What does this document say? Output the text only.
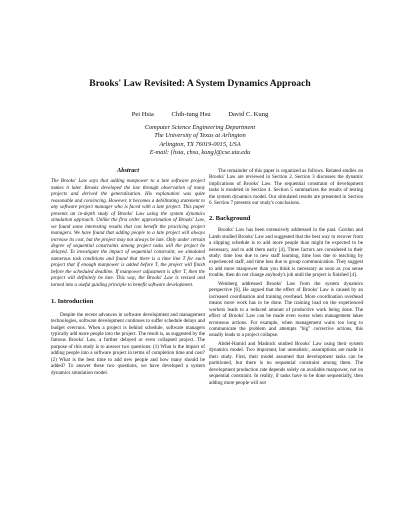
Brooks' Law Revisited: A System Dynamics Approach
Pei Hsia	Chih-tung Hsu	David C. Kung
Computer Science Engineering Department
The University of Texas at Arlington
Arlington, TX 76019-0015, USA
E-mail: {hsia, chsu, kung}@cse.uta.edu
Abstract

The Brooks' Law says that adding manpower to a late software project makes it later. Brooks developed the law through observation of many projects and derived the generalization. His explanation was quite reasonable and convincing. However, it becomes a debilitating statement to any software project manager who is faced with a late project. This paper presents an in-depth study of Brooks' Law using the system dynamics simulation approach. Unlike the first order approximation of Brooks' Law, we found some interesting results that can benefit the practicing project managers. We have found that adding people to a late project will always increase its cost, but the project may not always be late. Only under certain degree of sequential constraints among project tasks will the project be delayed. To investigate the impact of sequential constraint, we simulated numerous task conditions and found that there is a time line T for each project that if enough manpower is added before T, the project will finish before the scheduled deadline. If manpower adjustment is after T, then the project will definitely be late. This way, the Brooks' Law is revised and turned into a useful guiding principle to benefit software development.

1. Introduction

Despite the recent advances in software development and management technologies, software development continues to suffer schedule delays and budget overruns. When a project is behind schedule, software managers typically add more people into the project. The result is, as suggested by the famous Brooks' Law, a further delayed or even collapsed project. The purpose of this study is to answer two questions: (1) What is the impact of adding people into a software project in terms of completion time and cost? (2) What is the best time to add new people and how many should be added? To answer these two questions, we have developed a system dynamics simulation model.

The remainder of this paper is organized as follows. Related studies on Brooks' Law are reviewed in Section 2. Section 3 discusses the dynamic implications of Brooks' Law. The sequential constraint of development tasks is modeled in Section 4. Section 5 summarizes the results of testing the system dynamics model. Our simulated results are presented in Section 6. Section 7 presents our study's conclusions.

2. Background

Brooks' Law has been extensively addressed in the past. Gordon and Lamb studied Brooks' Law and suggested that the best way to recover from a slipping schedule is to add more people than might be expected to be necessary, and to add them early [4]. Three factors are considered in their study: time loss due to new staff learning, time loss due to teaching by experienced staff, and time loss due to group communication. They suggest to add more manpower than you think is necessary as soon as you sense trouble, then do not change anybody's job until the project is finished [4].

Weinberg addressed Brooks' Law from the system dynamics perspective [6]. He argued that the effect of Brooks' Law is caused by an increased coordination and training overhead. More coordination overhead means more work has to be done. The training load on the experienced workers leads to a reduced amount of productive work being done. The effect of Brooks' Law can be made even worse when management takes erroneous actions. For example, when management waits too long to communicate the problem and attempts "big" corrective actions, this usually leads to a project collapse.

Abdel-Hamid and Madnick studied Brooks' Law using their system dynamics model. Two important, but unrealistic, assumptions are made in their study. First, their model assumed that development tasks can be partitioned, but there is no sequential constraint among them. The development production rate depends solely on available manpower, not on sequential constraint. In reality, if tasks have to be done sequentially, then adding more people will not
